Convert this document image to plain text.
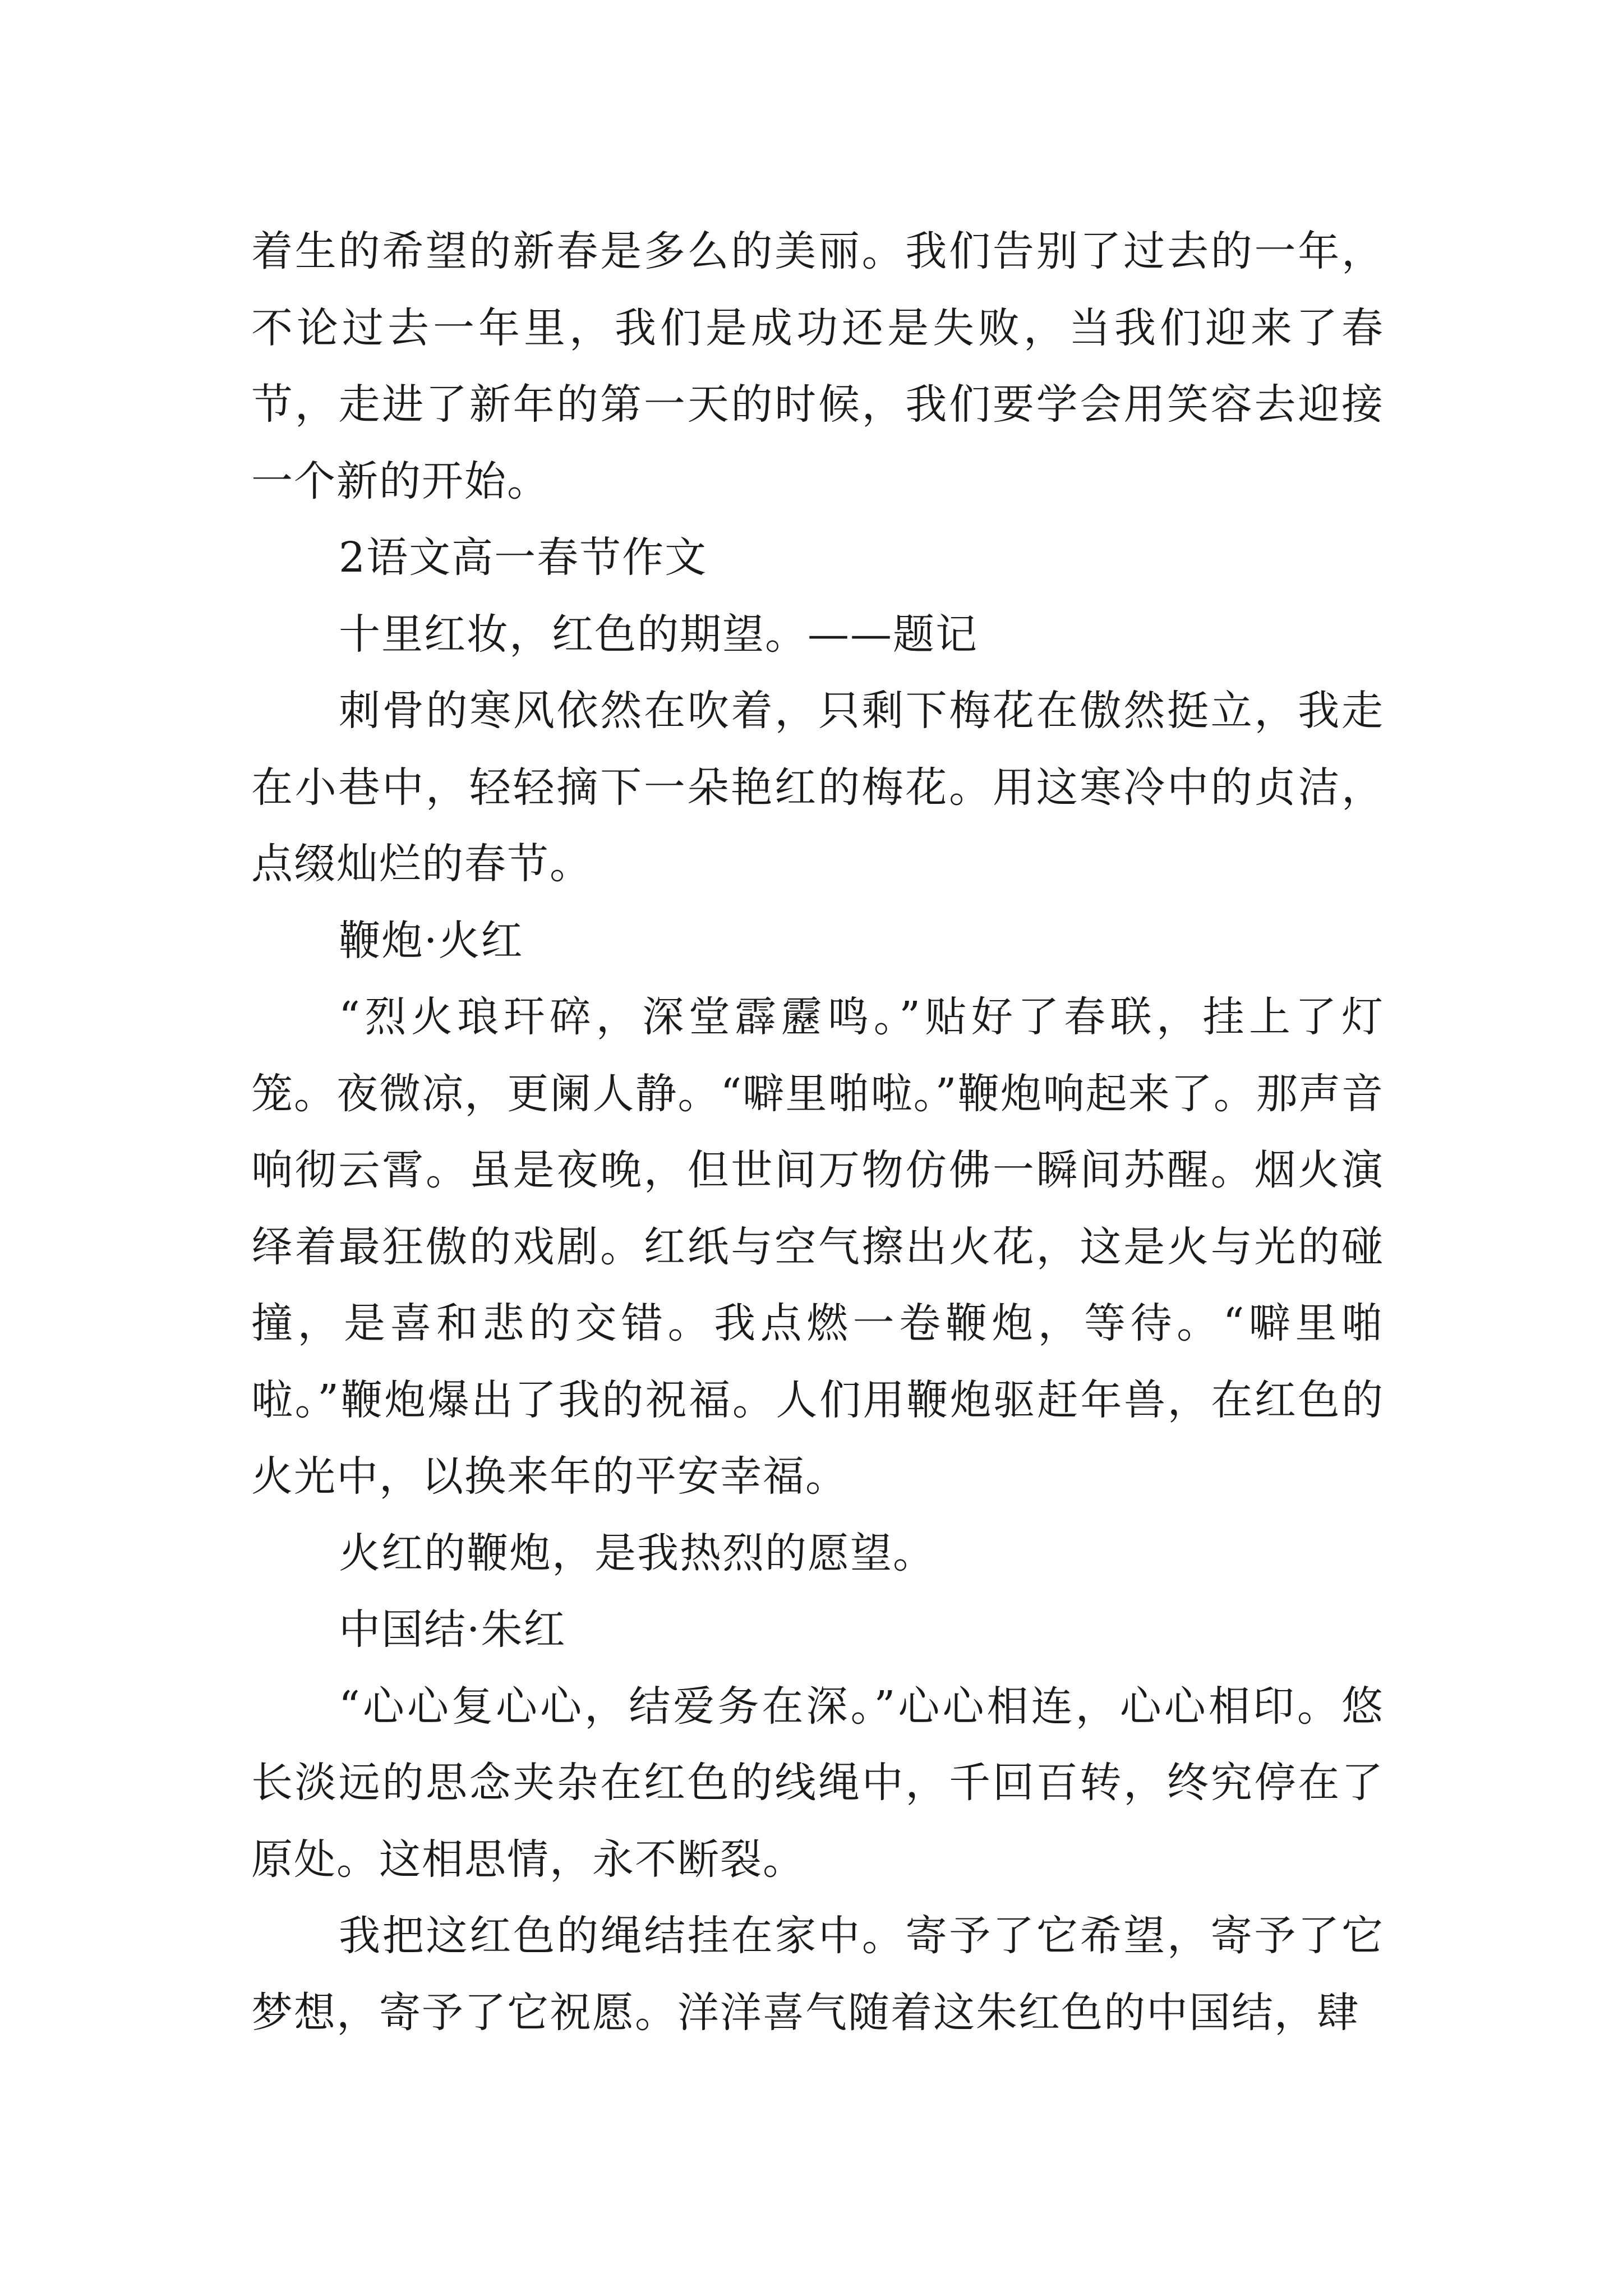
着生的希望的新春是多么的美丽。我们告别了过去的一年，不论过去一年里，我们是成功还是失败，当我们迎来了春节，走进了新年的第一天的时候，我们要学会用笑容去迎接一个新的开始。

2语文高一春节作文

十里红妆，红色的期望。——题记

刺骨的寒风依然在吹着，只剩下梅花在傲然挺立，我走在小巷中，轻轻摘下一朵艳红的梅花。用这寒冷中的贞洁，点缀灿烂的春节。

鞭炮·火红

“烈火琅玕碎，深堂霹靂鸣。”贴好了春联，挂上了灯笼。夜微凉，更阑人静。“噼里啪啦。”鞭炮响起来了。那声音响彻云霄。虽是夜晚，但世间万物仿佛一瞬间苏醒。烟火演绎着最狂傲的戏剧。红纸与空气擦出火花，这是火与光的碰撞，是喜和悲的交错。我点燃一卷鞭炮，等待。“噼里啪啦。”鞭炮爆出了我的祝福。人们用鞭炮驱赶年兽，在红色的火光中，以换来年的平安幸福。

火红的鞭炮，是我热烈的愿望。

中国结·朱红

“心心复心心，结爱务在深。”心心相连，心心相印。悠长淡远的思念夹杂在红色的线绳中，千回百转，终究停在了原处。这相思情，永不断裂。

我把这红色的绳结挂在家中。寄予了它希望，寄予了它梦想，寄予了它祝愿。洋洋喜气随着这朱红色的中国结，肆
